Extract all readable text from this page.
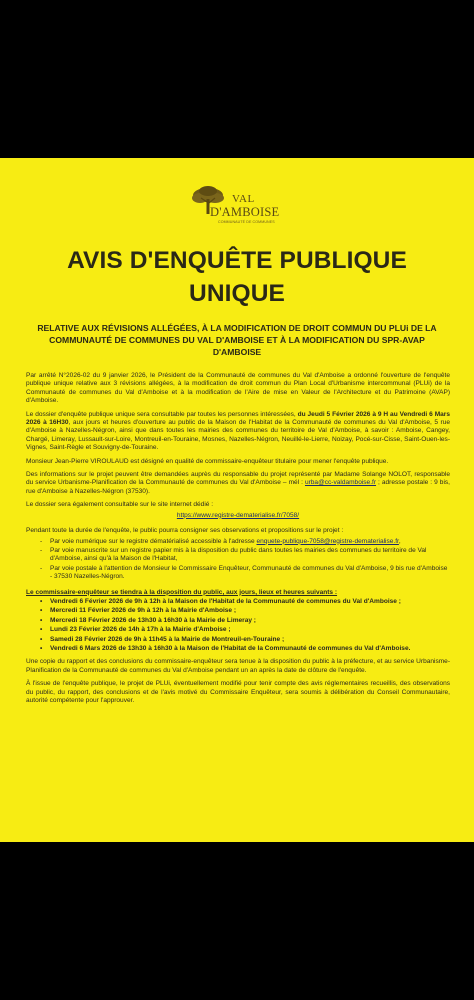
VAL
D'AMBOISE
COMMUNAUTÉ DE COMMUNES
AVIS D'ENQUÊTE PUBLIQUE
UNIQUE
RELATIVE AUX RÉVISIONS ALLÉGÉES, À LA MODIFICATION DE DROIT COMMUN DU PLUi DE LA COMMUNAUTÉ DE COMMUNES DU VAL D'AMBOISE ET À LA MODIFICATION DU SPR-AVAP D'AMBOISE

Par arrêté N°2026-02 du 9 janvier 2026, le Président de la Communauté de communes du Val d'Amboise a ordonné l'ouverture de l'enquête publique unique relative aux 3 révisions allégées, à la modification de droit commun du Plan Local d'Urbanisme intercommunal (PLUi) de la Communauté de communes du Val d'Amboise et à la modification de l'Aire de mise en Valeur de l'Architecture et du Patrimoine (AVAP) d'Amboise.

Le dossier d'enquête publique unique sera consultable par toutes les personnes intéressées, du Jeudi 5 Février 2026 à 9 H au Vendredi 6 Mars 2026 à 16H30, aux jours et heures d'ouverture au public de la Maison de l'Habitat de la Communauté de communes du Val d'Amboise, 5 rue d'Amboise à Nazelles-Négron, ainsi que dans toutes les mairies des communes du territoire de Val d'Amboise, à savoir : Amboise, Cangey, Chargé, Limeray, Lussault-sur-Loire, Montreuil-en-Touraine, Mosnes, Nazelles-Négron, Neuillé-le-Lierre, Noizay, Pocé-sur-Cisse, Saint-Ouen-les-Vignes, Saint-Règle et Souvigny-de-Touraine.

Monsieur Jean-Pierre VIROULAUD est désigné en qualité de commissaire-enquêteur titulaire pour mener l'enquête publique.

Des informations sur le projet peuvent être demandées auprès du responsable du projet représenté par Madame Solange NOLOT, responsable du service Urbanisme-Planification de la Communauté de communes du Val d'Amboise – mél : urba@cc-valdamboise.fr ; adresse postale : 9 bis, rue d'Amboise à Nazelles-Négron (37530).

Le dossier sera également consultable sur le site internet dédié :

https://www.registre-dematerialise.fr/7058/

Pendant toute la durée de l'enquête, le public pourra consigner ses observations et propositions sur le projet :

- Par voie numérique sur le registre dématérialisé accessible à l'adresse enquete-publique-7058@registre-dematerialise.fr,
- Par voie manuscrite sur un registre papier mis à la disposition du public dans toutes les mairies des communes du territoire de Val d'Amboise, ainsi qu'à la Maison de l'Habitat,
- Par voie postale à l'attention de Monsieur le Commissaire Enquêteur, Communauté de communes du Val d'Amboise, 9 bis rue d'Amboise - 37530 Nazelles-Négron.

Le commissaire-enquêteur se tiendra à la disposition du public, aux jours, lieux et heures suivants :

• Vendredi 6 Février 2026 de 9h à 12h à la Maison de l'Habitat de la Communauté de communes du Val d'Amboise ;
• Mercredi 11 Février 2026 de 9h à 12h à la Mairie d'Amboise ;
• Mercredi 18 Février 2026 de 13h30 à 16h30 à la Mairie de Limeray ;
• Lundi 23 Février 2026 de 14h à 17h à la Mairie d'Amboise ;
• Samedi 28 Février 2026 de 9h à 11h45 à la Mairie de Montreuil-en-Touraine ;
• Vendredi 6 Mars 2026 de 13h30 à 16h30 à la Maison de l'Habitat de la Communauté de communes du Val d'Amboise.

Une copie du rapport et des conclusions du commissaire-enquêteur sera tenue à la disposition du public à la préfecture, et au service Urbanisme-Planification de la Communauté de communes du Val d'Amboise pendant un an après la date de clôture de l'enquête.

À l'issue de l'enquête publique, le projet de PLUi, éventuellement modifié pour tenir compte des avis réglementaires recueillis, des observations du public, du rapport, des conclusions et de l'avis motivé du Commissaire Enquêteur, sera soumis à délibération du Conseil Communautaire, autorité compétente pour l'approuver.
